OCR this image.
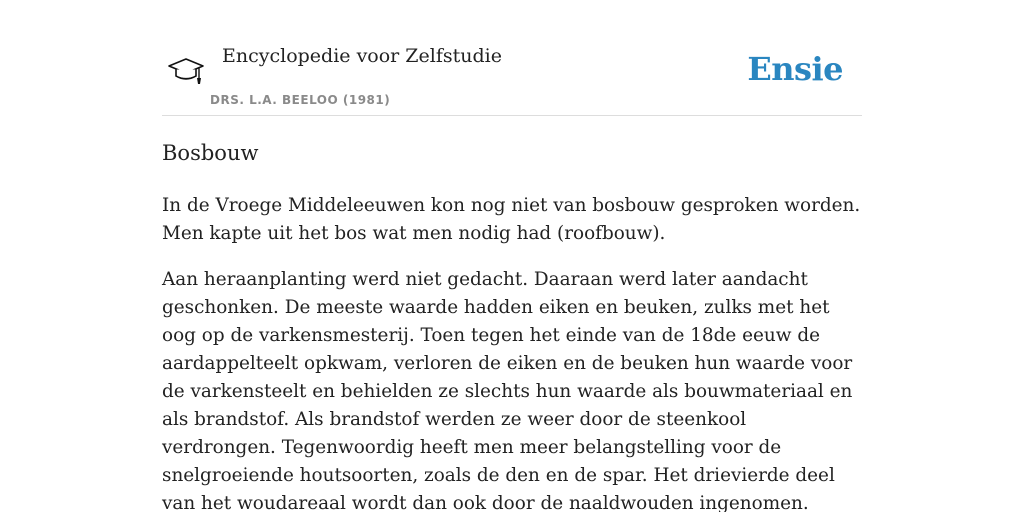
Encyclopedie voor Zelfstudie
DRS. L.A. BEELOO (1981)
Ensie
Bosbouw

In de Vroege Middeleeuwen kon nog niet van bosbouw gesproken worden. Men kapte uit het bos wat men nodig had (roofbouw).

Aan heraanplanting werd niet gedacht. Daaraan werd later aandacht geschonken. De meeste waarde hadden eiken en beuken, zulks met het oog op de varkensmesterij. Toen tegen het einde van de 18de eeuw de aardappelteelt opkwam, verloren de eiken en de beuken hun waarde voor de varkensteelt en behielden ze slechts hun waarde als bouwmateriaal en als brandstof. Als brandstof werden ze weer door de steenkool verdrongen. Tegenwoordig heeft men meer belangstelling voor de snelgroeiende houtsoorten, zoals de den en de spar. Het drievierde deel van het woudareaal wordt dan ook door de naaldwouden ingenomen.
